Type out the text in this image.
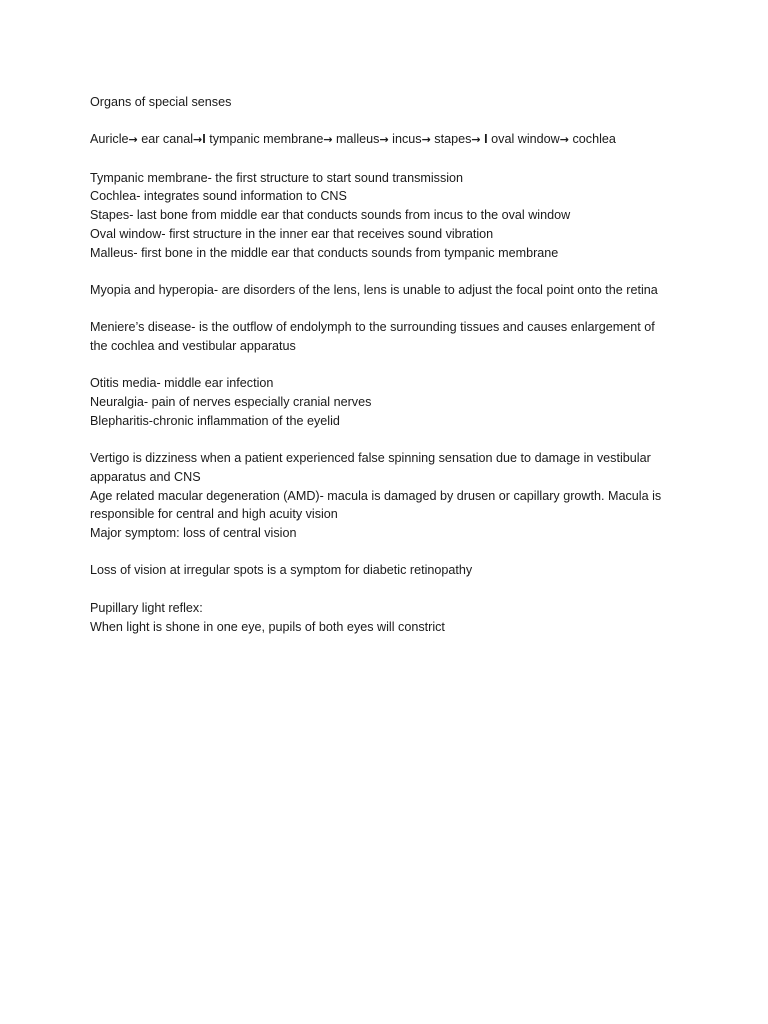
Organs of special senses
Auricle→ ear canal→I tympanic membrane→ malleus→ incus→ stapes→ I oval window→ cochlea
Tympanic membrane- the first structure to start sound transmission
Cochlea- integrates sound information to CNS
Stapes- last bone from middle ear that conducts sounds from incus to the oval window
Oval window- first structure in the inner ear that receives sound vibration
Malleus- first bone in the middle ear that conducts sounds from tympanic membrane
Myopia and hyperopia- are disorders of the lens, lens is unable to adjust the focal point onto the retina
Meniere’s disease- is the outflow of endolymph to the surrounding tissues and causes enlargement of
the cochlea and vestibular apparatus
Otitis media- middle ear infection
Neuralgia- pain of nerves especially cranial nerves
Blepharitis-chronic inflammation of the eyelid
Vertigo is dizziness when a patient experienced false spinning sensation due to damage in vestibular
apparatus and CNS
Age related macular degeneration (AMD)- macula is damaged by drusen or capillary growth. Macula is
responsible for central and high acuity vision
Major symptom: loss of central vision
Loss of vision at irregular spots is a symptom for diabetic retinopathy
Pupillary light reflex:
When light is shone in one eye, pupils of both eyes will constrict
